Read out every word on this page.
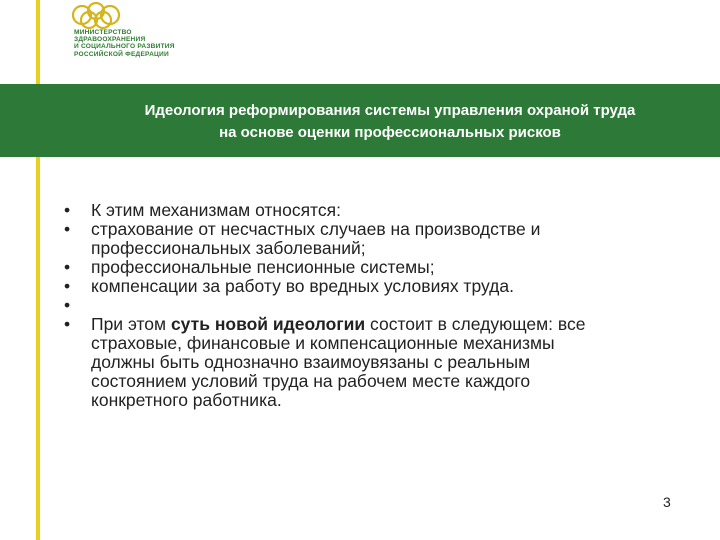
МИНИСТЕРСТВО
ЗДРАВООХРАНЕНИЯ
И СОЦИАЛЬНОГО РАЗВИТИЯ
РОССИЙСКОЙ ФЕДЕРАЦИИ
Идеология реформирования системы управления охраной труда
на основе оценки профессиональных рисков
• К этим механизмам относятся:
• страхование от несчастных случаев на производстве и
профессиональных заболеваний;
• профессиональные пенсионные системы;
• компенсации за работу во вредных условиях труда.
•
• При этом суть новой идеологии состоит в следующем: все
страховые, финансовые и компенсационные механизмы
должны быть однозначно взаимоувязаны с реальным
состоянием условий труда на рабочем месте каждого
конкретного работника.
3
